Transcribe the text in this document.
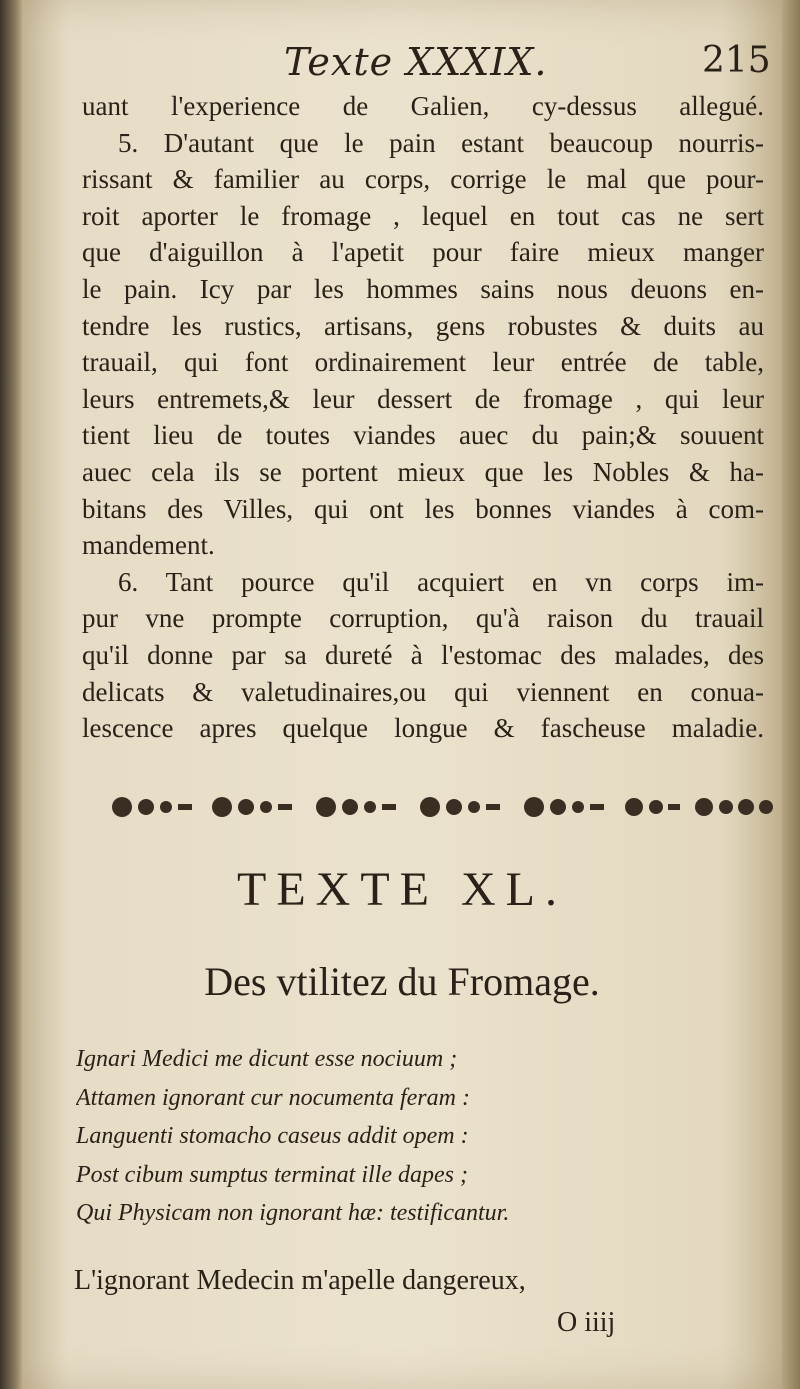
Texte XXXIX.	215
uant l'experience de Galien, cy-dessus allegué.
5. D'autant que le pain estant beaucoup nourris-
rissant & familier au corps, corrige le mal que pour-
roit aporter le fromage , lequel en tout cas ne sert
que d'aiguillon à l'apetit pour faire mieux manger
le pain. Icy par les hommes sains nous deuons en-
tendre les rustics, artisans, gens robustes & duits au
trauail, qui font ordinairement leur entrée de table,
leurs entremets,& leur dessert de fromage , qui leur
tient lieu de toutes viandes auec du pain;& souuent
auec cela ils se portent mieux que les Nobles & ha-
bitans des Villes, qui ont les bonnes viandes à com-
mandement.
6. Tant pource qu'il acquiert en vn corps im-
pur vne prompte corruption, qu'à raison du trauail
qu'il donne par sa dureté à l'estomac des malades, des
delicats & valetudinaires,ou qui viennent en conua-
lescence apres quelque longue & fascheuse maladie.
TEXTE XL.
Des vtilitez du Fromage.
Ignari Medici me dicunt esse nociuum ;
Attamen ignorant cur nocumenta feram :
Languenti stomacho caseus addit opem :
Post cibum sumptus terminat ille dapes ;
Qui Physicam non ignorant hæ: testificantur.
L'ignorant Medecin m'apelle dangereux,
O iiij
